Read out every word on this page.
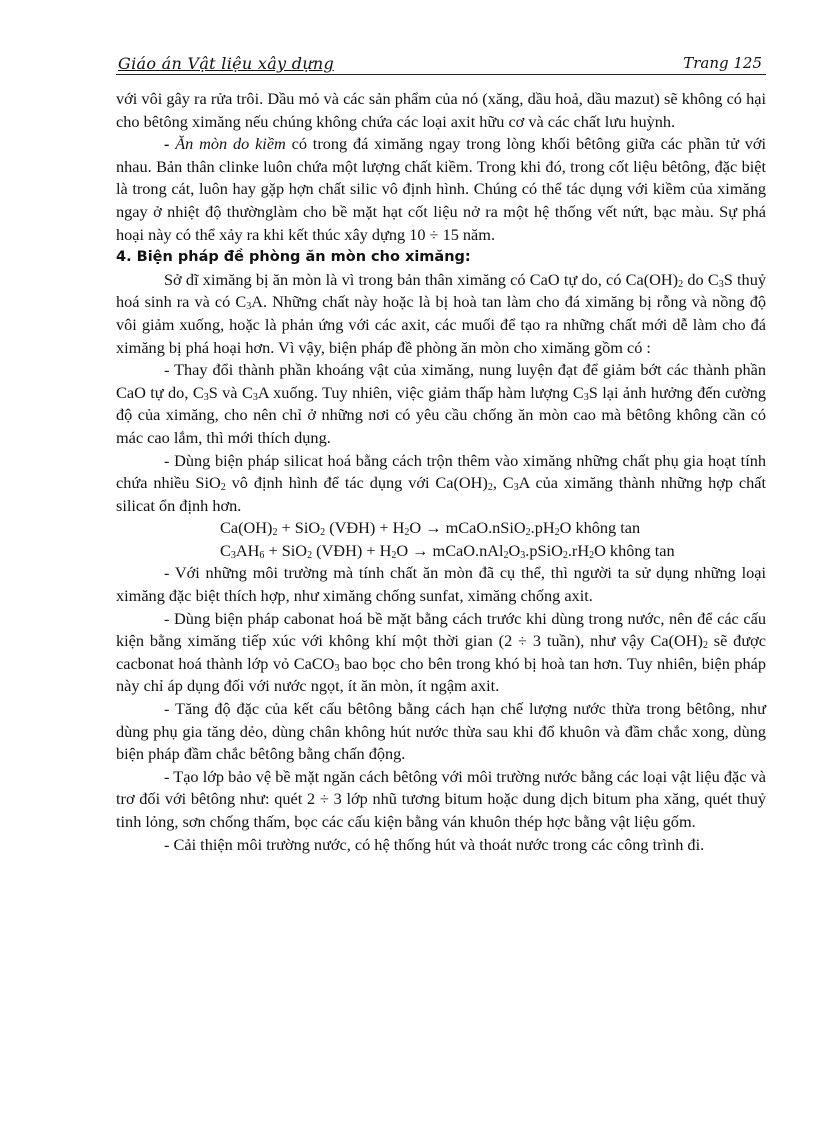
Giáo án Vật liệu xây dựng	Trang 125

với vôi gây ra rửa trôi. Dầu mỏ và các sản phẩm của nó (xăng, dầu hoả, dầu mazut) sẽ không có hại cho bêtông ximăng nếu chúng không chứa các loại axit hữu cơ và các chất lưu huỳnh.

- Ăn mòn do kiềm có trong đá ximăng ngay trong lòng khối bêtông giữa các phần tử với nhau. Bản thân clinke luôn chứa một lượng chất kiềm. Trong khi đó, trong cốt liệu bêtông, đặc biệt là trong cát, luôn hay gặp hợn chất silic vô định hình. Chúng có thể tác dụng với kiềm của ximăng ngay ở nhiệt độ thườnglàm cho bề mặt hạt cốt liệu nở ra một hệ thống vết nứt, bạc màu. Sự phá hoại này có thể xảy ra khi kết thúc xây dựng 10 ÷ 15 năm.

4. Biện pháp đề phòng ăn mòn cho ximăng:

Sở dĩ ximăng bị ăn mòn là vì trong bản thân ximăng có CaO tự do, có $Ca(OH)_2$ do $C_3S$ thuỷ hoá sinh ra và có $C_3A$. Những chất này hoặc là bị hoà tan làm cho đá ximăng bị rỗng và nồng độ vôi giảm xuống, hoặc là phản ứng với các axit, các muối để tạo ra những chất mới dễ làm cho đá ximăng bị phá hoại hơn. Vì vậy, biện pháp đề phòng ăn mòn cho ximăng gồm có :

- Thay đổi thành phần khoáng vật của ximăng, nung luyện đạt để giảm bớt các thành phần CaO tự do, $C_3S$ và $C_3A$ xuống. Tuy nhiên, việc giảm thấp hàm lượng $C_3S$ lại ảnh hưởng đến cường độ của ximăng, cho nên chỉ ở những nơi có yêu cầu chống ăn mòn cao mà bêtông không cần có mác cao lắm, thì mới thích dụng.

- Dùng biện pháp silicat hoá bằng cách trộn thêm vào ximăng những chất phụ gia hoạt tính chứa nhiều SiO$_2$ vô định hình để tác dụng với $Ca(OH)_2$, $C_3A$ của ximăng thành những hợp chất silicat ổn định hơn.

$Ca(OH)_2 + SiO_2$ (VĐH) + $H_2O$ → $mCaO.nSiO_2.pH_2O$ không tan

$C_3AH_6 + SiO_2$ (VĐH) + $H_2O$ → $mCaO.nAl_2O_3.pSiO_2.rH_2O$ không tan

- Với những môi trường mà tính chất ăn mòn đã cụ thể, thì người ta sử dụng những loại ximăng đặc biệt thích hợp, như ximăng chống sunfat, ximăng chống axit.

- Dùng biện pháp cabonat hoá bề mặt bằng cách trước khi dùng trong nước, nên để các cấu kiện bằng ximăng tiếp xúc với không khí một thời gian (2 ÷ 3 tuần), như vậy $Ca(OH)_2$ sẽ được cacbonat hoá thành lớp vỏ CaCO$_3$ bao bọc cho bên trong khó bị hoà tan hơn. Tuy nhiên, biện pháp này chỉ áp dụng đối với nước ngọt, ít ăn mòn, ít ngậm axit.

- Tăng độ đặc của kết cấu bêtông bằng cách hạn chế lượng nước thừa trong bêtông, như dùng phụ gia tăng dẻo, dùng chân không hút nước thừa sau khi đổ khuôn và đầm chắc xong, dùng biện pháp đầm chắc bêtông bằng chấn động.

- Tạo lớp bảo vệ bề mặt ngăn cách bêtông với môi trường nước bằng các loại vật liệu đặc và trơ đối với bêtông như: quét 2 ÷ 3 lớp nhũ tương bitum hoặc dung dịch bitum pha xăng, quét thuỷ tinh lỏng, sơn chống thấm, bọc các cấu kiện bằng ván khuôn thép hợc bằng vật liệu gốm.

- Cải thiện môi trường nước, có hệ thống hút và thoát nước trong các công trình đi.
